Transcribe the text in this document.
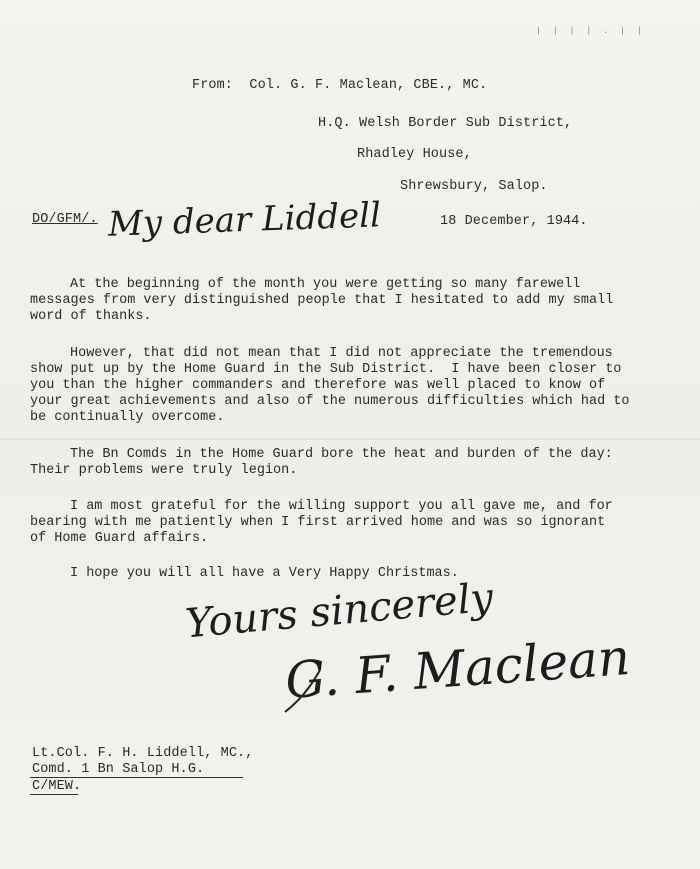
| | | | . | |
From:  Col. G. F. Maclean, CBE., MC.
H.Q. Welsh Border Sub District,
Rhadley House,
Shrewsbury, Salop.
DO/GFM/.	18 December, 1944.
My dear Liddell
At the beginning of the month you were getting so many farewell
messages from very distinguished people that I hesitated to add my small
word of thanks.
However, that did not mean that I did not appreciate the tremendous
show put up by the Home Guard in the Sub District.  I have been closer to
you than the higher commanders and therefore was well placed to know of
your great achievements and also of the numerous difficulties which had to
be continually overcome.
The Bn Comds in the Home Guard bore the heat and burden of the day:
Their problems were truly legion.
I am most grateful for the willing support you all gave me, and for
bearing with me patiently when I first arrived home and was so ignorant
of Home Guard affairs.
I hope you will all have a Very Happy Christmas.
Yours sincerely
G. F. Maclean
Lt.Col. F. H. Liddell, MC.,
Comd. 1 Bn Salop H.G.
C/MEW.
